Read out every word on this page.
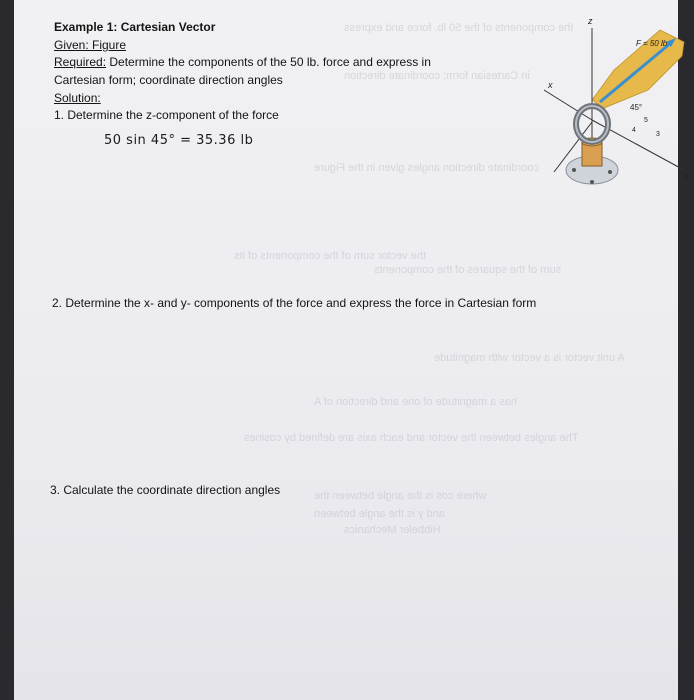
the components of the 50 lb. force and express
in Cartesian form; coordinate direction
coordinate direction angles given in the Figure
the vector sum of the components of its
sum of the squares of the components
A unit vector is a vector with magnitude
has a magnitude of one and direction of A
The angles between the vector and each axis are defined by cosines
where cos is the angle between the
and y is the angle between
Hibbeler Mechanics
Example 1: Cartesian Vector
Given: Figure
Required: Determine the components of the 50 lb. force and express in
Cartesian form; coordinate direction angles
Solution:
1. Determine the z-component of the force
50 sin 45° = 35.36 lb
2. Determine the x- and y- components of the force and express the force in Cartesian form
3. Calculate the coordinate direction angles
z
x
y
F = 50 lb
45°
5
4
3
